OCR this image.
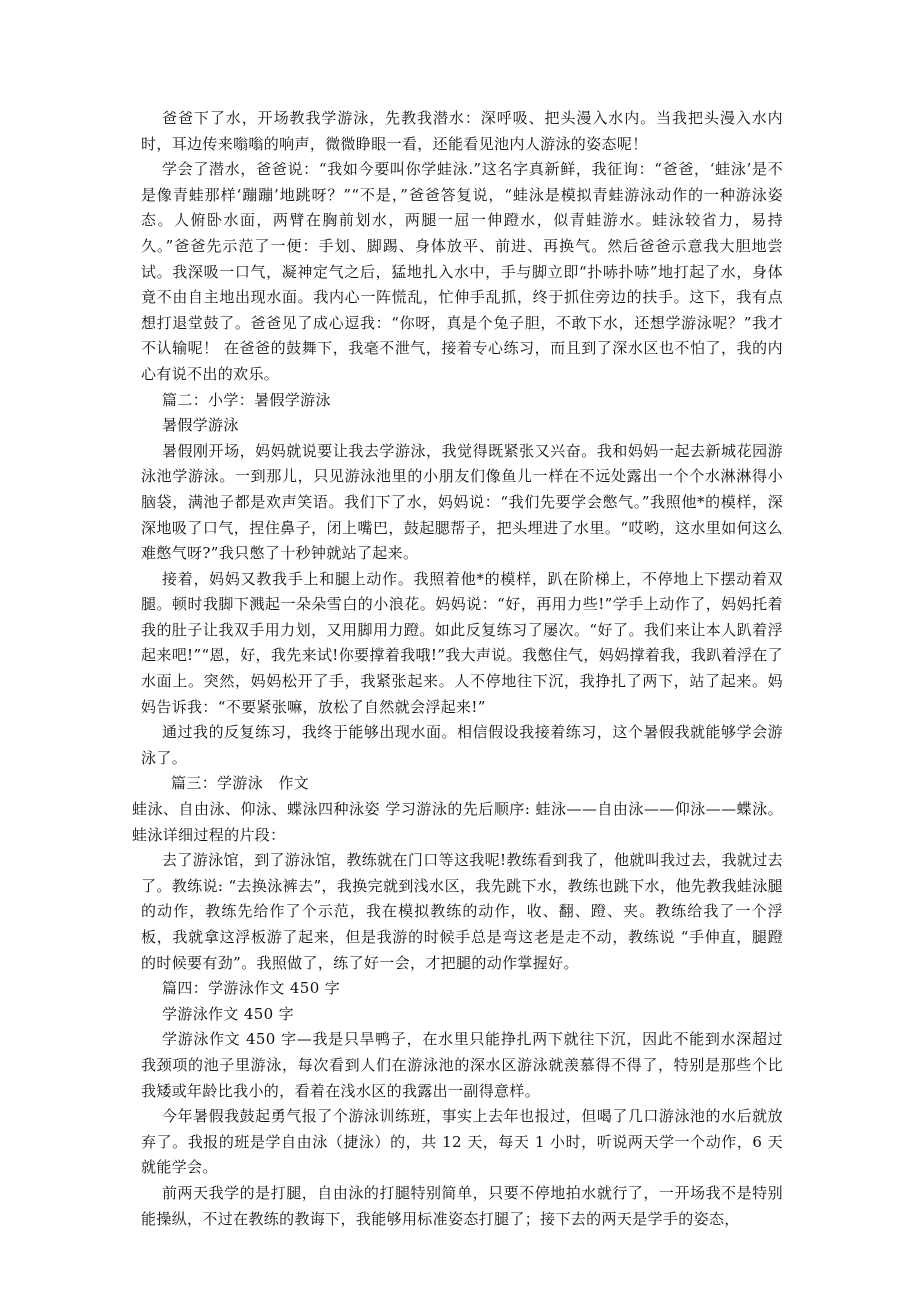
爸爸下了水，开场教我学游泳，先教我潜水：深呼吸、把头漫入水内。当我把头漫入水内时，耳边传来嗡嗡的响声，微微睁眼一看，还能看见池内人游泳的姿态呢！

学会了潜水，爸爸说：“我如今要叫你学蛙泳.”这名字真新鲜，我征询：“爸爸，‘蛙泳’是不是像青蛙那样‘蹦蹦’地跳呀？”“不是，”爸爸答复说，“蛙泳是模拟青蛙游泳动作的一种游泳姿态。人俯卧水面，两臂在胸前划水，两腿一屈一伸蹬水，似青蛙游水。蛙泳较省力，易持久。”爸爸先示范了一便：手划、脚踢、身体放平、前进、再换气。然后爸爸示意我大胆地尝试。我深吸一口气，凝神定气之后，猛地扎入水中，手与脚立即“扑哧扑哧”地打起了水，身体竟不由自主地出现水面。我内心一阵慌乱，忙伸手乱抓，终于抓住旁边的扶手。这下，我有点想打退堂鼓了。爸爸见了成心逗我：“你呀，真是个兔子胆，不敢下水，还想学游泳呢？”我才不认输呢！ 在爸爸的鼓舞下，我毫不泄气，接着专心练习，而且到了深水区也不怕了，我的内心有说不出的欢乐。

篇二：小学：暑假学游泳

暑假学游泳

暑假刚开场，妈妈就说要让我去学游泳，我觉得既紧张又兴奋。我和妈妈一起去新城花园游泳池学游泳。一到那儿，只见游泳池里的小朋友们像鱼儿一样在不远处露出一个个水淋淋得小脑袋，满池子都是欢声笑语。我们下了水，妈妈说：“我们先要学会憋气。”我照他*的模样，深深地吸了口气，捏住鼻子，闭上嘴巴，鼓起腮帮子，把头埋进了水里。“哎哟，这水里如何这么难憋气呀?”我只憋了十秒钟就站了起来。

接着，妈妈又教我手上和腿上动作。我照着他*的模样，趴在阶梯上，不停地上下摆动着双腿。顿时我脚下溅起一朵朵雪白的小浪花。妈妈说：“好，再用力些!”学手上动作了，妈妈托着我的肚子让我双手用力划，又用脚用力蹬。如此反复练习了屡次。“好了。我们来让本人趴着浮起来吧!”“恩，好，我先来试!你要撑着我哦!”我大声说。我憋住气，妈妈撑着我，我趴着浮在了水面上。突然，妈妈松开了手，我紧张起来。人不停地往下沉，我挣扎了两下，站了起来。妈妈告诉我：“不要紧张嘛，放松了自然就会浮起来!”

通过我的反复练习，我终于能够出现水面。相信假设我接着练习，这个暑假我就能够学会游泳了。

篇三：学游泳　作文

蛙泳、自由泳、仰泳、蝶泳四种泳姿 学习游泳的先后顺序: 蛙泳——自由泳——仰泳——蝶泳。蛙泳详细过程的片段：

去了游泳馆，到了游泳馆，教练就在门口等这我呢!教练看到我了，他就叫我过去，我就过去了。教练说: “去换泳裤去”，我换完就到浅水区，我先跳下水，教练也跳下水，他先教我蛙泳腿的动作，教练先给作了个示范，我在模拟教练的动作，收、翻、蹬、夹。教练给我了一个浮板，我就拿这浮板游了起来，但是我游的时候手总是弯这老是走不动，教练说 “手伸直，腿蹬的时候要有劲”。我照做了，练了好一会，才把腿的动作掌握好。

篇四：学游泳作文 450 字

学游泳作文 450 字

学游泳作文 450 字—我是只旱鸭子，在水里只能挣扎两下就往下沉，因此不能到水深超过我颈项的池子里游泳，每次看到人们在游泳池的深水区游泳就羡慕得不得了，特别是那些个比我矮或年龄比我小的，看着在浅水区的我露出一副得意样。

今年暑假我鼓起勇气报了个游泳训练班，事实上去年也报过，但喝了几口游泳池的水后就放弃了。我报的班是学自由泳（捷泳）的，共 12 天，每天 1 小时，听说两天学一个动作，6 天就能学会。

前两天我学的是打腿，自由泳的打腿特别简单，只要不停地拍水就行了，一开场我不是特别能操纵，不过在教练的教诲下，我能够用标准姿态打腿了；接下去的两天是学手的姿态，
